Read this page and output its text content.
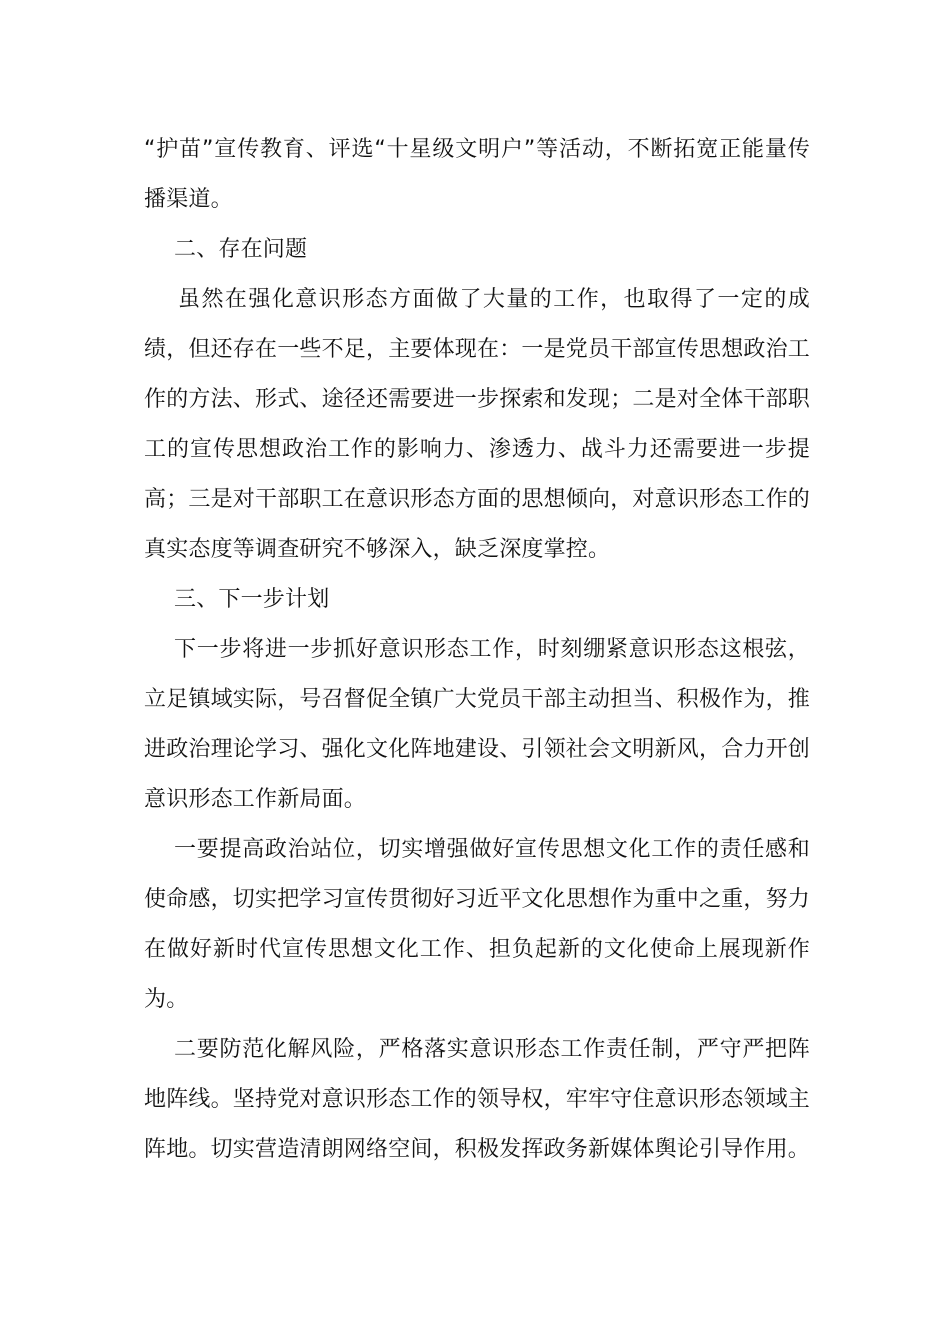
“护苗”宣传教育、评选“十星级文明户”等活动，不断拓宽正能量传播渠道。

二、存在问题

虽然在强化意识形态方面做了大量的工作，也取得了一定的成绩，但还存在一些不足，主要体现在：一是党员干部宣传思想政治工作的方法、形式、途径还需要进一步探索和发现；二是对全体干部职工的宣传思想政治工作的影响力、渗透力、战斗力还需要进一步提高；三是对干部职工在意识形态方面的思想倾向，对意识形态工作的真实态度等调查研究不够深入，缺乏深度掌控。

三、下一步计划

下一步将进一步抓好意识形态工作，时刻绷紧意识形态这根弦，立足镇域实际，号召督促全镇广大党员干部主动担当、积极作为，推进政治理论学习、强化文化阵地建设、引领社会文明新风，合力开创意识形态工作新局面。

一要提高政治站位，切实增强做好宣传思想文化工作的责任感和使命感，切实把学习宣传贯彻好习近平文化思想作为重中之重，努力在做好新时代宣传思想文化工作、担负起新的文化使命上展现新作为。

二要防范化解风险，严格落实意识形态工作责任制，严守严把阵地阵线。坚持党对意识形态工作的领导权，牢牢守住意识形态领域主阵地。切实营造清朗网络空间，积极发挥政务新媒体舆论引导作用。
